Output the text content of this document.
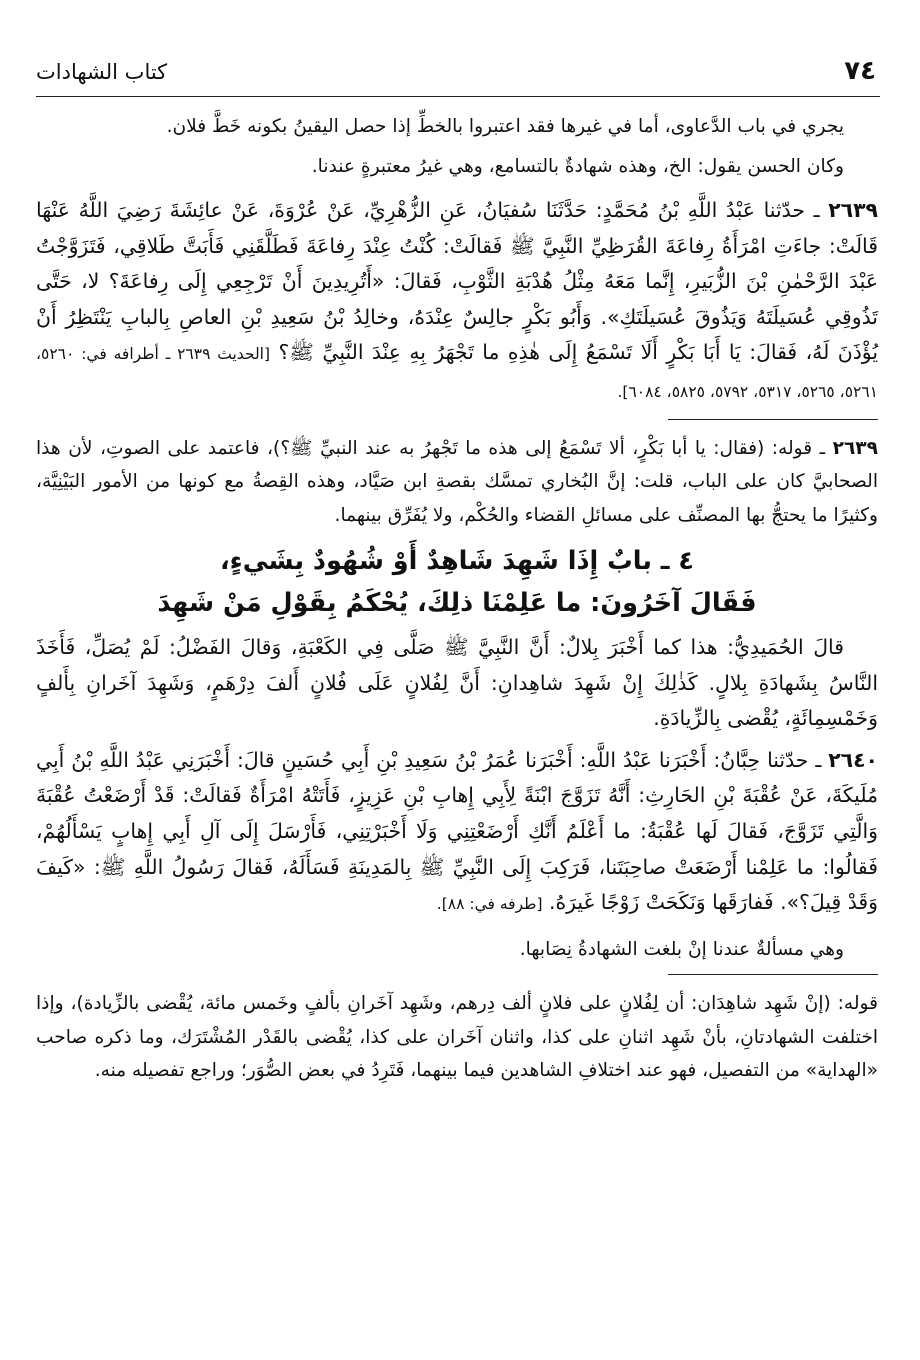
٧٤
كتاب الشهادات

يجري في باب الدَّعاوى، أما في غيرها فقد اعتبروا بالخطِّ إذا حصل اليقينُ بكونه خَطَّ فلان.

وكان الحسن يقول: الخ، وهذه شهادةٌ بالتسامع، وهي غيرُ معتبرةٍ عندنا.

٢٦٣٩ ـ حدّثنا عَبْدُ اللَّهِ بْنُ مُحَمَّدٍ: حَدَّثَنَا سُفيَانُ، عَنِ الزُّهْرِيِّ، عَنْ عُرْوَةَ، عَنْ عائِشَةَ رَضِيَ اللَّهُ عَنْهَا قَالَتْ: جاءَتِ امْرَأَةُ رِفاعَةَ القُرَظِيِّ النَّبِيَّ ﷺ فَقالَتْ: كُنْتُ عِنْدَ رِفاعَةَ فَطَلَّقَنِي فَأَبَتَّ طَلاقِي، فَتَزَوَّجْتُ عَبْدَ الرَّحْمٰنِ بْنَ الزُّبَيرِ، إِنَّما مَعَهُ مِثْلُ هُدْبَةِ الثَّوْبِ، فَقالَ: «أَتُرِيدِينَ أَنْ تَرْجِعِي إِلَى رِفاعَةَ؟ لا، حَتَّى تَذُوقِي عُسَيلَتَهُ وَيَذُوقَ عُسَيلَتَكِ». وَأَبُو بَكْرٍ جالِسٌ عِنْدَهُ، وخالِدُ بْنُ سَعِيدِ بْنِ العاصِ بِالبابِ يَنْتَظِرُ أَنْ يُؤْذَنَ لَهُ، فَقالَ: يَا أَبَا بَكْرٍ أَلَا تَسْمَعُ إِلَى هٰذِهِ ما تَجْهَرُ بِهِ عِنْدَ النَّبِيِّ ﷺ؟ [الحديث ٢٦٣٩ ـ أطرافه في: ٥٢٦٠، ٥٢٦١، ٥٢٦٥، ٥٣١٧، ٥٧٩٢، ٥٨٢٥، ٦٠٨٤].

٢٦٣٩ ـ قوله: (فقال: يا أبا بَكْرٍ، ألا تَسْمَعُ إلى هذه ما تَجْهرُ به عند النبيِّ ﷺ؟)، فاعتمد على الصوتِ، لأن هذا الصحابيَّ كان على الباب، قلت: إنَّ البُخاري تمسَّك بقصةِ ابن صَيَّاد، وهذه القِصةُ مع كونها من الأمور البَيْنِيَّة، وكثيرًا ما يحتجُّ بها المصنِّف على مسائلِ القضاء والحُكْم، ولا يُفَرِّق بينهما.

٤ ـ بابٌ إِذَا شَهِدَ شَاهِدٌ أَوْ شُهُودٌ بِشَيءٍ،
فَقَالَ آخَرُونَ: ما عَلِمْنَا ذلِكَ، يُحْكَمُ بِقَوْلِ مَنْ شَهِدَ

قالَ الحُمَيدِيُّ: هذا كما أَخْبَرَ بِلالٌ: أَنَّ النَّبِيَّ ﷺ صَلَّى فِي الكَعْبَةِ، وَقالَ الفَضْلُ: لَمْ يُصَلِّ، فَأَخَذَ النَّاسُ بِشَهادَةِ بِلالٍ. كَذٰلِكَ إِنْ شَهِدَ شاهِدانِ: أَنَّ لِفُلانٍ عَلَى فُلانٍ أَلفَ دِرْهَمٍ، وَشَهِدَ آخَرانِ بِأَلفٍ وَخَمْسِمِائَةٍ، يُقْضى بِالزِّيادَةِ.

٢٦٤٠ ـ حدّثنا حِبَّانُ: أَخْبَرَنا عَبْدُ اللَّهِ: أَخْبَرَنا عُمَرُ بْنُ سَعِيدِ بْنِ أَبِي حُسَينٍ قالَ: أَخْبَرَنِي عَبْدُ اللَّهِ بْنُ أَبِي مُلَيكَةَ، عَنْ عُقْبَةَ بْنِ الحَارِثِ: أَنَّهُ تَزَوَّجَ ابْنَةً لِأَبِي إِهابِ بْنِ عَزِيزٍ، فَأَتَتْهُ امْرَأَةٌ فَقالَتْ: قَدْ أَرْضَعْتُ عُقْبَةَ وَالَّتِي تَزَوَّجَ، فَقالَ لَها عُقْبَةُ: ما أَعْلَمُ أَنَّكِ أَرْضَعْتِنِي وَلَا أَخْبَرْتِنِي، فَأَرْسَلَ إِلَى آلِ أَبِي إِهابٍ يَسْأَلُهُمْ، فَقالُوا: ما عَلِمْنا أَرْضَعَتْ صاحِبَتَنا، فَرَكِبَ إِلَى النَّبِيِّ ﷺ بِالمَدِينَةِ فَسَأَلَهُ، فَقالَ رَسُولُ اللَّهِ ﷺ: «كَيفَ وَقَدْ قِيلَ؟». فَفارَقَها وَنَكَحَتْ زَوْجًا غَيرَهُ. [طرفه في: ٨٨].

وهي مسألةٌ عندنا إنْ بلغت الشهادةُ نِصَابها.

قوله: (إنْ شَهِد شاهِدَان: أن لِفُلانٍ على فلانٍ ألف دِرهم، وشَهِد آخَرانِ بألفٍ وخَمس مائة، يُقْضى بالزِّيادة)، وإذا اختلفت الشهادتانِ، بأنْ شَهِد اثنانِ على كذا، واثنان آخَران على كذا، يُقْضى بالقَدْر المُشْتَرَك، وما ذكره صاحب «الهداية» من التفصيل، فهو عند اختلافِ الشاهدين فيما بينهما، فَتَرِدُ في بعض الصُّوَر؛ وراجع تفصيله منه.
